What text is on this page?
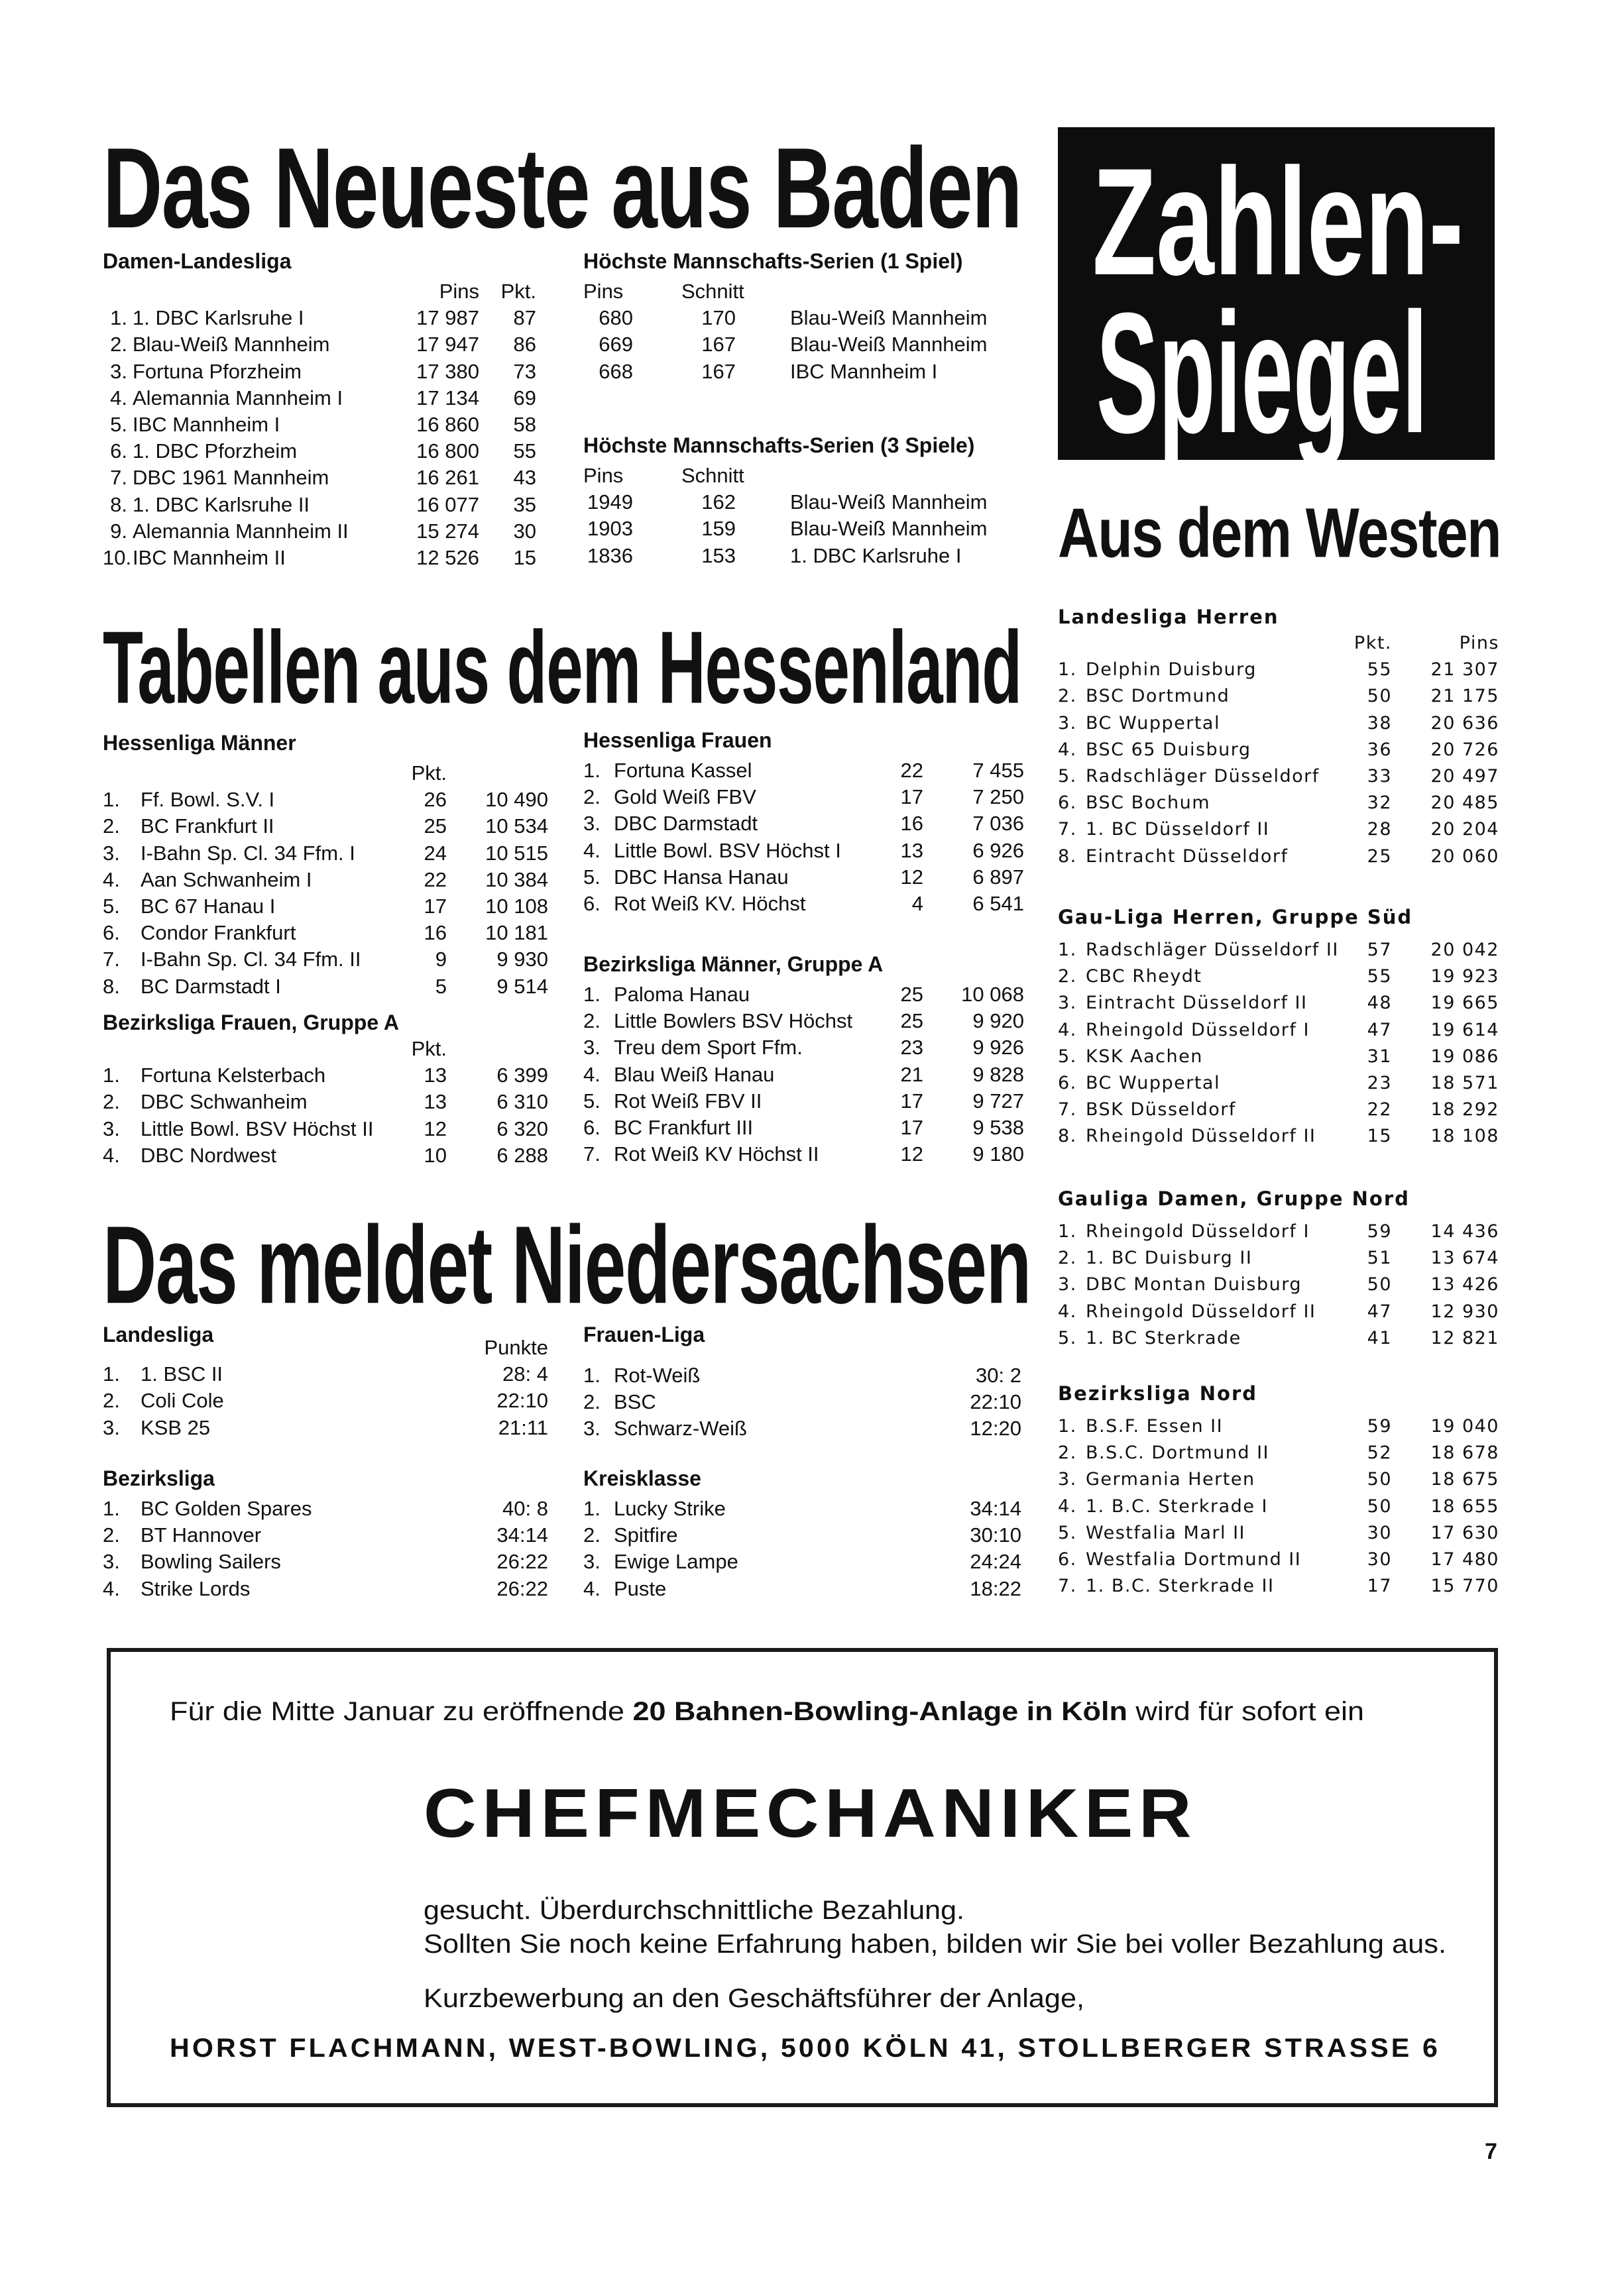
Das Neueste aus Baden
Tabellen aus dem Hessenland
Das meldet Niedersachsen
Zahlen-
Spiegel
Aus dem Westen
Damen-Landesliga
Pins	Pkt.
1. 1. DBC Karlsruhe I	17 987	87
2. Blau-Weiß Mannheim	17 947	86
3. Fortuna Pforzheim	17 380	73
4. Alemannia Mannheim I	17 134	69
5. IBC Mannheim I	16 860	58
6. 1. DBC Pforzheim	16 800	55
7. DBC 1961 Mannheim	16 261	43
8. 1. DBC Karlsruhe II	16 077	35
9. Alemannia Mannheim II	15 274	30
10. IBC Mannheim II	12 526	15
Höchste Mannschafts-Serien (1 Spiel)
Pins	Schnitt
680	170	Blau-Weiß Mannheim
669	167	Blau-Weiß Mannheim
668	167	IBC Mannheim I
Höchste Mannschafts-Serien (3 Spiele)
Pins	Schnitt
1949	162	Blau-Weiß Mannheim
1903	159	Blau-Weiß Mannheim
1836	153	1. DBC Karlsruhe I
Hessenliga Männer
Pkt.
1.	Ff. Bowl. S.V. I	26	10 490
2.	BC Frankfurt II	25	10 534
3.	I-Bahn Sp. Cl. 34 Ffm. I	24	10 515
4.	Aan Schwanheim I	22	10 384
5.	BC 67 Hanau I	17	10 108
6.	Condor Frankfurt	16	10 181
7.	I-Bahn Sp. Cl. 34 Ffm. II	9	9 930
8.	BC Darmstadt I	5	9 514
Bezirksliga Frauen, Gruppe A
Pkt.
1.	Fortuna Kelsterbach	13	6 399
2.	DBC Schwanheim	13	6 310
3.	Little Bowl. BSV Höchst II	12	6 320
4.	DBC Nordwest	10	6 288
Hessenliga Frauen
1. Fortuna Kassel	22	7 455
2. Gold Weiß FBV	17	7 250
3. DBC Darmstadt	16	7 036
4. Little Bowl. BSV Höchst I	13	6 926
5. DBC Hansa Hanau	12	6 897
6. Rot Weiß KV. Höchst	4	6 541
Bezirksliga Männer, Gruppe A
1. Paloma Hanau	25	10 068
2. Little Bowlers BSV Höchst	25	9 920
3. Treu dem Sport Ffm.	23	9 926
4. Blau Weiß Hanau	21	9 828
5. Rot Weiß FBV II	17	9 727
6. BC Frankfurt III	17	9 538
7. Rot Weiß KV Höchst II	12	9 180
Landesliga
Punkte
1.	1. BSC II	28: 4
2.	Coli Cole	22:10
3.	KSB 25	21:11
Bezirksliga
1.	BC Golden Spares	40: 8
2.	BT Hannover	34:14
3.	Bowling Sailers	26:22
4.	Strike Lords	26:22
Frauen-Liga
1. Rot-Weiß	30: 2
2. BSC	22:10
3. Schwarz-Weiß	12:20
Kreisklasse
1. Lucky Strike	34:14
2. Spitfire	30:10
3. Ewige Lampe	24:24
4. Puste	18:22
Landesliga Herren
Pkt.	Pins
1. Delphin Duisburg	55	21 307
2. BSC Dortmund	50	21 175
3. BC Wuppertal	38	20 636
4. BSC 65 Duisburg	36	20 726
5. Radschläger Düsseldorf	33	20 497
6. BSC Bochum	32	20 485
7. 1. BC Düsseldorf II	28	20 204
8. Eintracht Düsseldorf	25	20 060
Gau-Liga Herren, Gruppe Süd
1. Radschläger Düsseldorf II	57	20 042
2. CBC Rheydt	55	19 923
3. Eintracht Düsseldorf II	48	19 665
4. Rheingold Düsseldorf I	47	19 614
5. KSK Aachen	31	19 086
6. BC Wuppertal	23	18 571
7. BSK Düsseldorf	22	18 292
8. Rheingold Düsseldorf II	15	18 108
Gauliga Damen, Gruppe Nord
1. Rheingold Düsseldorf I	59	14 436
2. 1. BC Duisburg II	51	13 674
3. DBC Montan Duisburg	50	13 426
4. Rheingold Düsseldorf II	47	12 930
5. 1. BC Sterkrade	41	12 821
Bezirksliga Nord
1. B.S.F. Essen II	59	19 040
2. B.S.C. Dortmund II	52	18 678
3. Germania Herten	50	18 675
4. 1. B.C. Sterkrade I	50	18 655
5. Westfalia Marl II	30	17 630
6. Westfalia Dortmund II	30	17 480
7. 1. B.C. Sterkrade II	17	15 770
Für die Mitte Januar zu eröffnende 20 Bahnen-Bowling-Anlage in Köln wird für sofort ein
CHEFMECHANIKER
gesucht. Überdurchschnittliche Bezahlung.
Sollten Sie noch keine Erfahrung haben, bilden wir Sie bei voller Bezahlung aus.
Kurzbewerbung an den Geschäftsführer der Anlage,
HORST FLACHMANN, WEST-BOWLING, 5000 KÖLN 41, STOLLBERGER STRASSE 6
7
